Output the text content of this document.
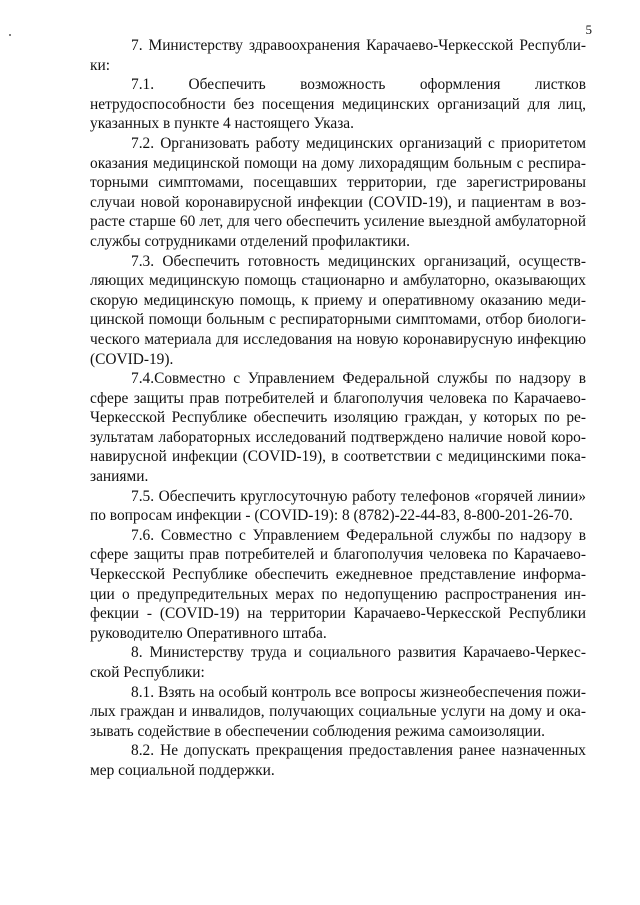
5

7. Министерству здравоохранения Карачаево-Черкесской Республики:

7.1. Обеспечить возможность оформления листков нетрудоспособности без посещения медицинских организаций для лиц, указанных в пункте 4 настоящего Указа.

7.2. Организовать работу медицинских организаций с приоритетом оказания медицинской помощи на дому лихорадящим больным с респираторными симптомами, посещавших территории, где зарегистрированы случаи новой коронавирусной инфекции (COVID-19), и пациентам в возрасте старше 60 лет, для чего обеспечить усиление выездной амбулаторной службы сотрудниками отделений профилактики.

7.3. Обеспечить готовность медицинских организаций, осуществляющих медицинскую помощь стационарно и амбулаторно, оказывающих скорую медицинскую помощь, к приему и оперативному оказанию медицинской помощи больным с респираторными симптомами, отбор биологического материала для исследования на новую коронавирусную инфекцию (COVID-19).

7.4.Совместно с Управлением Федеральной службы по надзору в сфере защиты прав потребителей и благополучия человека по Карачаево-Черкесской Республике обеспечить изоляцию граждан, у которых по результатам лабораторных исследований подтверждено наличие новой коронавирусной инфекции (COVID-19), в соответствии с медицинскими показаниями.

7.5. Обеспечить круглосуточную работу телефонов «горячей линии» по вопросам инфекции - (COVID-19): 8 (8782)-22-44-83, 8-800-201-26-70.

7.6. Совместно с Управлением Федеральной службы по надзору в сфере защиты прав потребителей и благополучия человека по Карачаево-Черкесской Республике обеспечить ежедневное представление информации о предупредительных мерах по недопущению распространения инфекции - (COVID-19) на территории Карачаево-Черкесской Республики руководителю Оперативного штаба.

8. Министерству труда и социального развития Карачаево-Черкесской Республики:

8.1. Взять на особый контроль все вопросы жизнеобеспечения пожилых граждан и инвалидов, получающих социальные услуги на дому и оказывать содействие в обеспечении соблюдения режима самоизоляции.

8.2. Не допускать прекращения предоставления ранее назначенных мер социальной поддержки.
